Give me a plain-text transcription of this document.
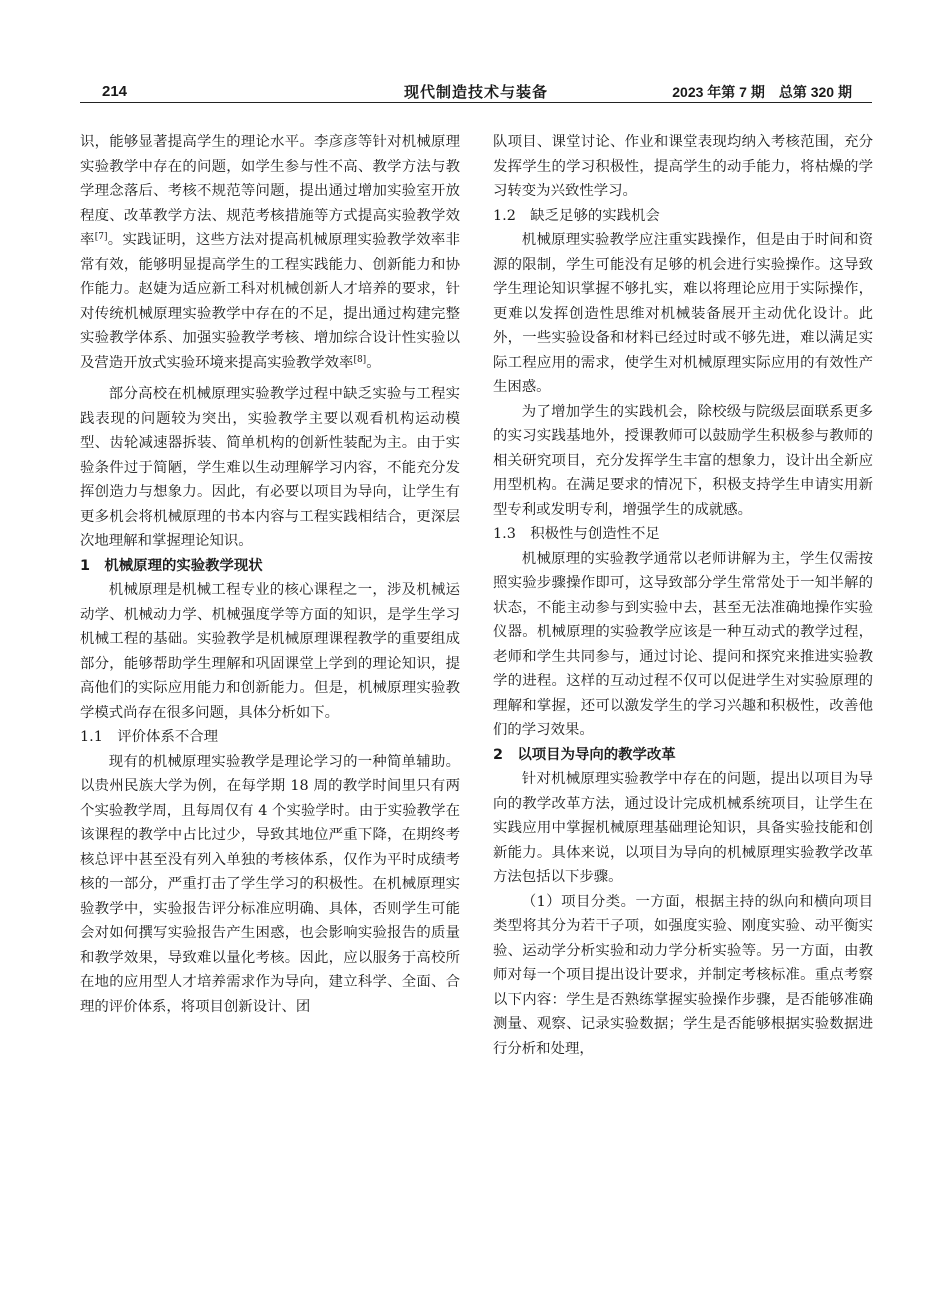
214	现代制造技术与装备	2023 年第 7 期　总第 320 期

识，能够显著提高学生的理论水平。李彦彦等针对机械原理实验教学中存在的问题，如学生参与性不高、教学方法与教学理念落后、考核不规范等问题，提出通过增加实验室开放程度、改革教学方法、规范考核措施等方式提高实验教学效率[7]。实践证明，这些方法对提高机械原理实验教学效率非常有效，能够明显提高学生的工程实践能力、创新能力和协作能力。赵婕为适应新工科对机械创新人才培养的要求，针对传统机械原理实验教学中存在的不足，提出通过构建完整实验教学体系、加强实验教学考核、增加综合设计性实验以及营造开放式实验环境来提高实验教学效率[8]。

部分高校在机械原理实验教学过程中缺乏实验与工程实践表现的问题较为突出，实验教学主要以观看机构运动模型、齿轮减速器拆装、简单机构的创新性装配为主。由于实验条件过于简陋，学生难以生动理解学习内容，不能充分发挥创造力与想象力。因此，有必要以项目为导向，让学生有更多机会将机械原理的书本内容与工程实践相结合，更深层次地理解和掌握理论知识。

1　机械原理的实验教学现状

机械原理是机械工程专业的核心课程之一，涉及机械运动学、机械动力学、机械强度学等方面的知识，是学生学习机械工程的基础。实验教学是机械原理课程教学的重要组成部分，能够帮助学生理解和巩固课堂上学到的理论知识，提高他们的实际应用能力和创新能力。但是，机械原理实验教学模式尚存在很多问题，具体分析如下。

1.1　评价体系不合理

现有的机械原理实验教学是理论学习的一种简单辅助。以贵州民族大学为例，在每学期 18 周的教学时间里只有两个实验教学周，且每周仅有 4 个实验学时。由于实验教学在该课程的教学中占比过少，导致其地位严重下降，在期终考核总评中甚至没有列入单独的考核体系，仅作为平时成绩考核的一部分，严重打击了学生学习的积极性。在机械原理实验教学中，实验报告评分标准应明确、具体，否则学生可能会对如何撰写实验报告产生困惑，也会影响实验报告的质量和教学效果，导致难以量化考核。因此，应以服务于高校所在地的应用型人才培养需求作为导向，建立科学、全面、合理的评价体系，将项目创新设计、团

队项目、课堂讨论、作业和课堂表现均纳入考核范围，充分发挥学生的学习积极性，提高学生的动手能力，将枯燥的学习转变为兴致性学习。

1.2　缺乏足够的实践机会

机械原理实验教学应注重实践操作，但是由于时间和资源的限制，学生可能没有足够的机会进行实验操作。这导致学生理论知识掌握不够扎实，难以将理论应用于实际操作，更难以发挥创造性思维对机械装备展开主动优化设计。此外，一些实验设备和材料已经过时或不够先进，难以满足实际工程应用的需求，使学生对机械原理实际应用的有效性产生困惑。

为了增加学生的实践机会，除校级与院级层面联系更多的实习实践基地外，授课教师可以鼓励学生积极参与教师的相关研究项目，充分发挥学生丰富的想象力，设计出全新应用型机构。在满足要求的情况下，积极支持学生申请实用新型专利或发明专利，增强学生的成就感。

1.3　积极性与创造性不足

机械原理的实验教学通常以老师讲解为主，学生仅需按照实验步骤操作即可，这导致部分学生常常处于一知半解的状态，不能主动参与到实验中去，甚至无法准确地操作实验仪器。机械原理的实验教学应该是一种互动式的教学过程，老师和学生共同参与，通过讨论、提问和探究来推进实验教学的进程。这样的互动过程不仅可以促进学生对实验原理的理解和掌握，还可以激发学生的学习兴趣和积极性，改善他们的学习效果。

2　以项目为导向的教学改革

针对机械原理实验教学中存在的问题，提出以项目为导向的教学改革方法，通过设计完成机械系统项目，让学生在实践应用中掌握机械原理基础理论知识，具备实验技能和创新能力。具体来说，以项目为导向的机械原理实验教学改革方法包括以下步骤。

（1）项目分类。一方面，根据主持的纵向和横向项目类型将其分为若干子项，如强度实验、刚度实验、动平衡实验、运动学分析实验和动力学分析实验等。另一方面，由教师对每一个项目提出设计要求，并制定考核标准。重点考察以下内容：学生是否熟练掌握实验操作步骤，是否能够准确测量、观察、记录实验数据；学生是否能够根据实验数据进行分析和处理，
